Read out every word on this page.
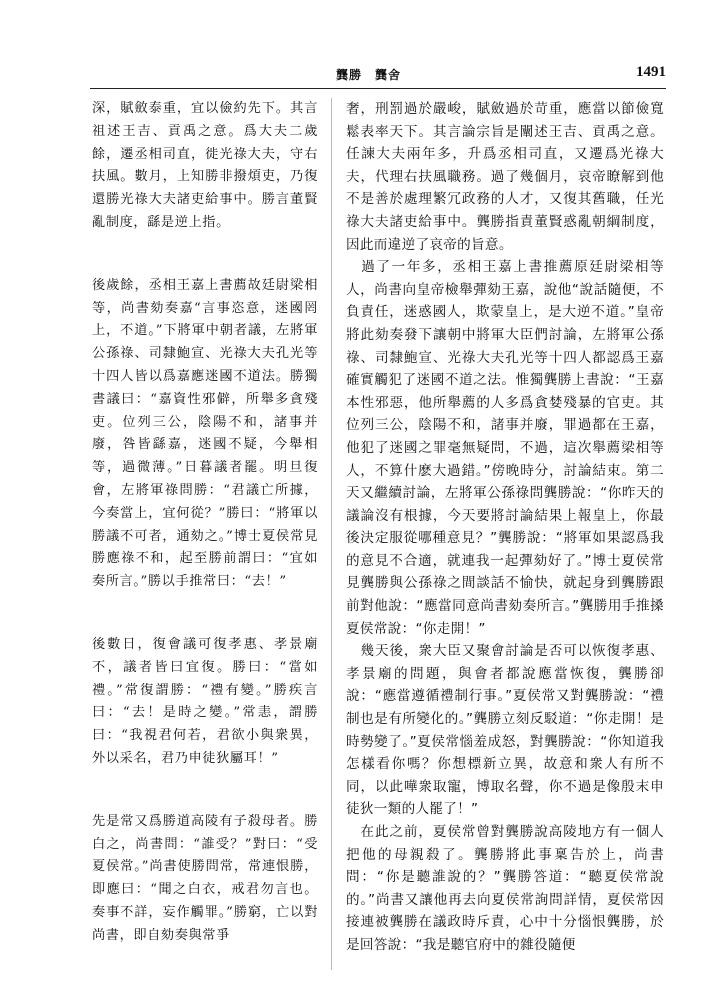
龔勝　龔舍	1491

深，賦斂泰重，宜以儉約先下。其言祖述王吉、貢禹之意。爲大夫二歲餘，遷丞相司直，徙光祿大夫，守右扶風。數月，上知勝非撥煩吏，乃復還勝光祿大夫諸吏給事中。勝言董賢亂制度，繇是逆上指。

後歲餘，丞相王嘉上書薦故廷尉梁相等，尚書劾奏嘉“言事恣意，迷國罔上，不道。”下將軍中朝者議，左將軍公孫祿、司隸鮑宣、光祿大夫孔光等十四人皆以爲嘉應迷國不道法。勝獨書議曰：“嘉資性邪僻，所舉多貪殘吏。位列三公，陰陽不和，諸事并廢，咎皆繇嘉，迷國不疑，今舉相等，過微薄。”日暮議者罷。明旦復會，左將軍祿問勝：“君議亡所據，今奏當上，宜何從？”勝曰：“將軍以勝議不可者，通劾之。”博士夏侯常見勝應祿不和，起至勝前謂曰：“宜如奏所言。”勝以手推常曰：“去！”

後數日，復會議可復孝惠、孝景廟不，議者皆曰宜復。勝曰：“當如禮。”常復謂勝：“禮有變。”勝疾言曰：“去！是時之變。”常恚，謂勝曰：“我視君何若，君欲小與衆異，外以采名，君乃申徒狄屬耳！”

先是常又爲勝道高陵有子殺母者。勝白之，尚書問：“誰受？”對曰：“受夏侯常。”尚書使勝問常，常連恨勝，即應曰：“聞之白衣，戒君勿言也。奏事不詳，妄作觸罪。”勝窮，亡以對尚書，即自劾奏與常爭

奢，刑罰過於嚴峻，賦斂過於苛重，應當以節儉寬鬆表率天下。其言論宗旨是闡述王吉、貢禹之意。任諫大夫兩年多，升爲丞相司直，又遷爲光祿大夫，代理右扶風職務。過了幾個月，哀帝瞭解到他不是善於處理繁冗政務的人才，又復其舊職，任光祿大夫諸吏給事中。龔勝指責董賢惑亂朝綱制度，因此而違逆了哀帝的旨意。

　過了一年多，丞相王嘉上書推薦原廷尉梁相等人，尚書向皇帝檢舉彈劾王嘉，說他“說話隨便，不負責任，迷惑國人，欺蒙皇上，是大逆不道。”皇帝將此劾奏發下讓朝中將軍大臣們討論，左將軍公孫祿、司隸鮑宣、光祿大夫孔光等十四人都認爲王嘉確實觸犯了迷國不道之法。惟獨龔勝上書說：“王嘉本性邪惡，他所舉薦的人多爲貪婪殘暴的官吏。其位列三公，陰陽不和，諸事并廢，罪過都在王嘉，他犯了迷國之罪毫無疑問，不過，這次舉薦梁相等人，不算什麽大過錯。”傍晚時分，討論結束。第二天又繼續討論，左將軍公孫祿問龔勝說：“你昨天的議論沒有根據，今天要將討論結果上報皇上，你最後決定服從哪種意見？”龔勝說：“將軍如果認爲我的意見不合適，就連我一起彈劾好了。”博士夏侯常見龔勝與公孫祿之間談話不愉快，就起身到龔勝跟前對他說：“應當同意尚書劾奏所言。”龔勝用手推搡夏侯常說：“你走開！”

　幾天後，衆大臣又聚會討論是否可以恢復孝惠、孝景廟的問題，與會者都說應當恢復，龔勝卻說：“應當遵循禮制行事。”夏侯常又對龔勝說：“禮制也是有所變化的。”龔勝立刻反駁道：“你走開！是時勢變了。”夏侯常惱羞成怒，對龔勝說：“你知道我怎樣看你嗎？你想標新立異，故意和衆人有所不同，以此嘩衆取寵，博取名聲，你不過是像殷末申徒狄一類的人罷了！”

　在此之前，夏侯常曾對龔勝說高陵地方有一個人把他的母親殺了。龔勝將此事稟告於上，尚書問：“你是聽誰說的？”龔勝答道：“聽夏侯常說的。”尚書又讓他再去向夏侯常詢問詳情，夏侯常因接連被龔勝在議政時斥責，心中十分惱恨龔勝，於是回答說：“我是聽官府中的雜役隨便
